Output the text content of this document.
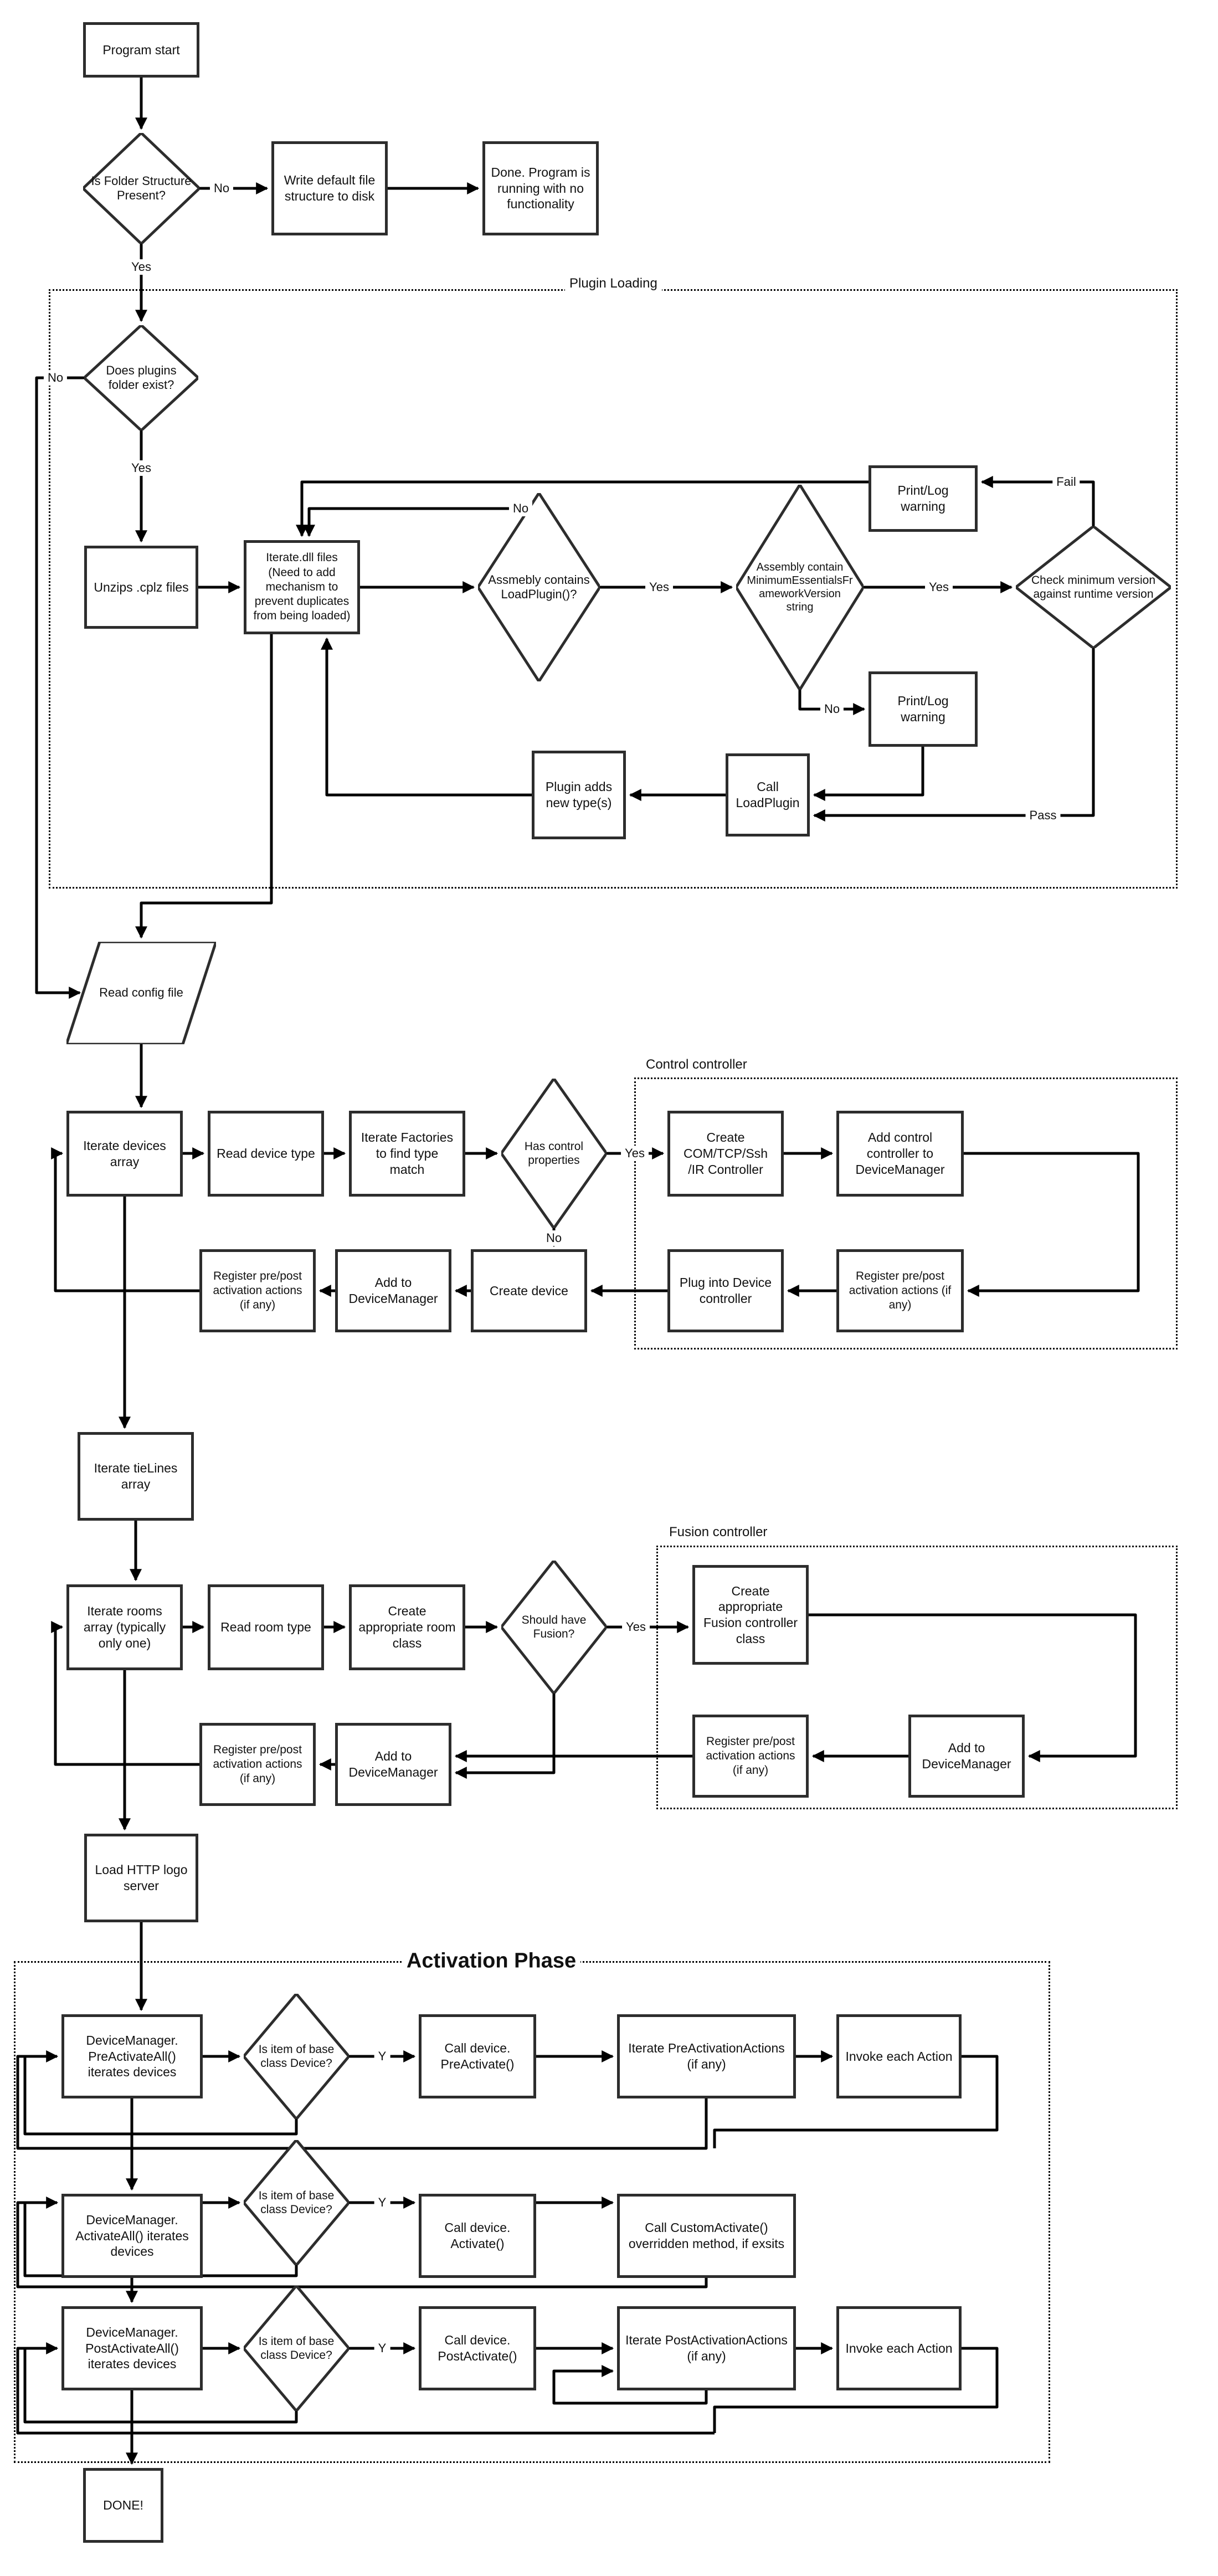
Plugin Loading
Control controller
Fusion controller
Activation Phase
Program start
Write default file structure to disk
Done. Program is running with no functionality
Unzips .cplz files
Iterate.dll files (Need to add mechanism to prevent duplicates from being loaded)
Print/Log warning
Print/Log warning
Call LoadPlugin
Plugin adds new type(s)
Iterate devices array
Read device type
Iterate Factories to find type match
Create COM/TCP/Ssh /IR Controller
Add control controller to DeviceManager
Register pre/post activation actions (if any)
Plug into Device controller
Create device
Add to DeviceManager
Register pre/post activation actions (if any)
Iterate tieLines array
Iterate rooms array (typically only one)
Read room type
Create appropriate room class
Create appropriate Fusion controller class
Add to DeviceManager
Register pre/post activation actions (if any)
Add to DeviceManager
Register pre/post activation actions (if any)
Load HTTP logo server
DeviceManager. PreActivateAll() iterates devices
Call device. PreActivate()
Iterate PreActivationActions (if any)
Invoke each Action
DeviceManager. ActivateAll() iterates devices
Call device. Activate()
Call CustomActivate() overridden method, if exsits
DeviceManager. PostActivateAll() iterates devices
Call device. PostActivate()
Iterate PostActivationActions (if any)
Invoke each Action
DONE!
Is Folder Structure Present?
Does plugins folder exist?
Assmebly contains LoadPlugin()?
Assembly contain MinimumEssentialsFrameworkVersion string
Check minimum version against runtime version
Has control properties
Should have Fusion?
Is item of base class Device?
Is item of base class Device?
Is item of base class Device?
Read config file
No
Yes
No
Yes
No
Yes	Yes
Fail
No
Pass
Yes
No
Yes
Y
Y
Y
